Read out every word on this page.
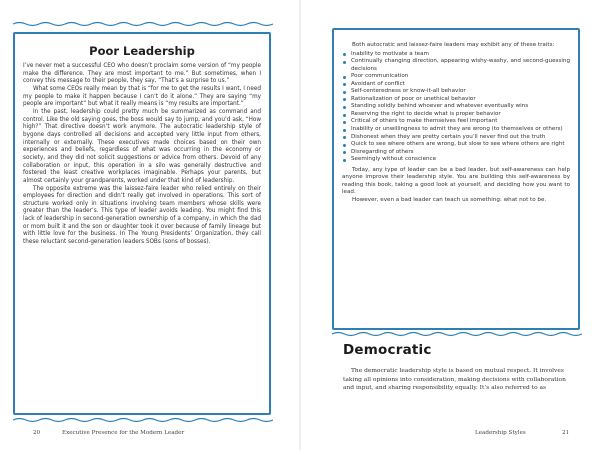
Poor Leadership

I’ve never met a successful CEO who doesn’t proclaim some version of “my people make the difference. They are most important to me.” But sometimes, when I convey this message to their people, they say, “That’s a surprise to us.”

What some CEOs really mean by that is “for me to get the results I want, I need my people to make it happen because I can’t do it alone.” They are saying “my people are important” but what it really means is “my results are important.”

In the past, leadership could pretty much be summarized as command and control. Like the old saying goes, the boss would say to jump, and you’d ask, “How high?” That directive doesn’t work anymore. The autocratic leadership style of bygone days controlled all decisions and accepted very little input from others, internally or externally. These executives made choices based on their own experiences and beliefs, regardless of what was occurring in the economy or society, and they did not solicit suggestions or advice from others. Devoid of any collaboration or input, this operation in a silo was generally destructive and fostered the least creative workplaces imaginable. Perhaps your parents, but almost certainly your grandparents, worked under that kind of leadership.

The opposite extreme was the laissez-faire leader who relied entirely on their employees for direction and didn’t really get involved in operations. This sort of structure worked only in situations involving team members whose skills were greater than the leader’s. This type of leader avoids leading. You might find this lack of leadership in second-generation ownership of a company, in which the dad or mom built it and the son or daughter took it over because of family lineage but with little love for the business. In The Young Presidents’ Organization, they call these reluctant second-generation leaders SOBs (sons of bosses).

20	Executive Presence for the Modern Leader

Both autocratic and laissez-faire leaders may exhibit any of these traits:

Inability to motivate a team
Continually changing direction, appearing wishy-washy, and second-guessing decisions
Poor communication
Avoidant of conflict
Self-centeredness or know-it-all behavior
Rationalization of poor or unethical behavior
Standing solidly behind whoever and whatever eventually wins
Reserving the right to decide what is proper behavior
Critical of others to make themselves feel important
Inability or unwillingness to admit they are wrong (to themselves or others)
Dishonest when they are pretty certain you’ll never find out the truth
Quick to see where others are wrong, but slow to see where others are right
Disregarding of others
Seemingly without conscience

Today, any type of leader can be a bad leader, but self-awareness can help anyone improve their leadership style. You are building this self-awareness by reading this book, taking a good look at yourself, and deciding how you want to lead.

However, even a bad leader can teach us something: what not to be.

Democratic

The democratic leadership style is based on mutual respect. It involves taking all opinions into consideration, making decisions with collaboration and input, and sharing responsibility equally. It’s also referred to as

Leadership Styles	21
